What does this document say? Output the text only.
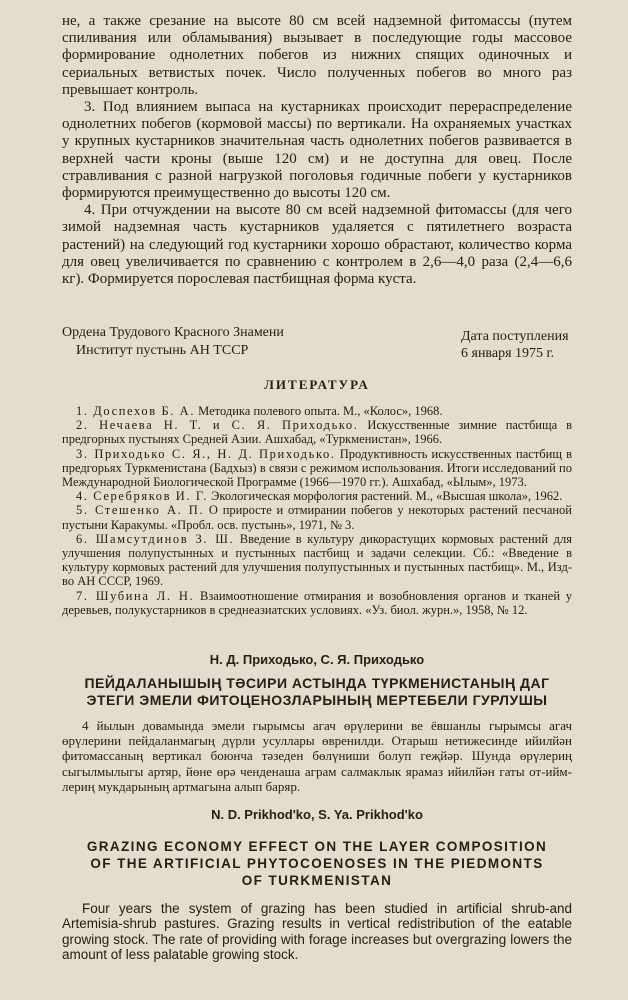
не, а также срезание на высоте 80 см всей надземной фитомассы (путем спиливания или обламывания) вызывает в последующие годы массовое формирование однолетних побегов из нижних спящих одиночных и сериальных ветвистых почек. Число полученных побегов во много раз превышает контроль.

3. Под влиянием выпаса на кустарниках происходит перераспределение однолетних побегов (кормовой массы) по вертикали. На охраняемых участках у крупных кустарников значительная часть однолетних побегов развивается в верхней части кроны (выше 120 см) и не доступна для овец. После стравливания с разной нагрузкой поголовья годичные побеги у кустарников формируются преимущественно до высоты 120 см.

4. При отчуждении на высоте 80 см всей надземной фитомассы (для чего зимой надземная часть кустарников удаляется с пятилетнего возраста растений) на следующий год кустарники хорошо обрастают, количество корма для овец увеличивается по сравнению с контролем в 2,6—4,0 раза (2,4—6,6 кг). Формируется порослевая пастбищная форма куста.

Ордена Трудового Красного Знамени
Институт пустынь АН ТССР
Дата поступления
6 января 1975 г.
ЛИТЕРАТУРА

1. Доспехов Б. А. Методика полевого опыта. М., «Колос», 1968.

2. Нечаева Н. Т. и С. Я. Приходько. Искусственные зимние пастбища в предгорных пустынях Средней Азии. Ашхабад, «Туркменистан», 1966.

3. Приходько С. Я., Н. Д. Приходько. Продуктивность искусственных пастбищ в предгорьях Туркменистана (Бадхыз) в связи с режимом использования. Итоги исследований по Международной Биологической Программе (1966—1970 гг.). Ашхабад, «Ылым», 1973.

4. Серебряков И. Г. Экологическая морфология растений. М., «Высшая школа», 1962.

5. Стешенко А. П. О приросте и отмирании побегов у некоторых растений песчаной пустыни Каракумы. «Пробл. осв. пустынь», 1971, № 3.

6. Шамсутдинов З. Ш. Введение в культуру дикорастущих кормовых растений для улучшения полупустынных и пустынных пастбищ и задачи селекции. Сб.: «Введение в культуру кормовых растений для улучшения полупустынных и пустынных пастбищ». М., Изд-во АН СССР, 1969.

7. Шубина Л. Н. Взаимоотношение отмирания и возобновления органов и тканей у деревьев, полукустарников в среднеазиатских условиях. «Уз. биол. журн.», 1958, № 12.

Н. Д. Приходько, С. Я. Приходько
ПЕЙДАЛАНЫШЫҢ ТӘСИРИ АСТЫНДА ТҮРКМЕНИСТАНЫҢ ДАГ
ЭТЕГИ ЭМЕЛИ ФИТОЦЕНОЗЛАРЫНЫҢ МЕРТЕБЕЛИ ГУРЛУШЫ

4 йылын довамында эмели гырымсы агач өрүлерини ве ёвшанлы гырымсы агач өрүлерини пейдаланмагың дүрли усуллары өвренилди. Отарыш нетижесинде ийилйән фитомассаның вертикал боюнча тәзеден бөлүниши болуп геҗйәр. Шунда өрүлериң сыгылмылыгы артяр, йөне өрә ченденаша аграм салмаклык ярамаз ийилйән гаты от-ийм-лериң мукдарының артмагына алып баряр.

N. D. Prikhod'ko, S. Ya. Prikhod'ko
GRAZING ECONOMY EFFECT ON THE LAYER COMPOSITION
OF THE ARTIFICIAL PHYTOCOENOSES IN THE PIEDMONTS
OF TURKMENISTAN

Four years the system of grazing has been studied in artificial shrub-and Artemisia-shrub pastures. Grazing results in vertical redistribution of the eatable growing stock. The rate of providing with forage increases but overgrazing lowers the amount of less palatable growing stock.
